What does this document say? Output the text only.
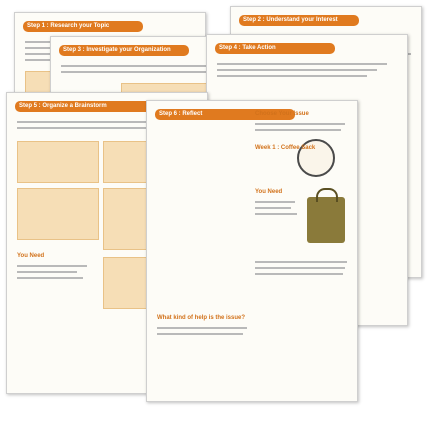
Step 1 : Research your Topic
Step 2 : Understand your Interest
Step 3 : Investigate your Organization	Step 4 : Take Action
Step 5 : Organize a Brainstorm
You Need
Step 6 : Reflect	Choose Your Issue
Week 1 : Coffee Sack
You Need
What kind of help is the issue?
